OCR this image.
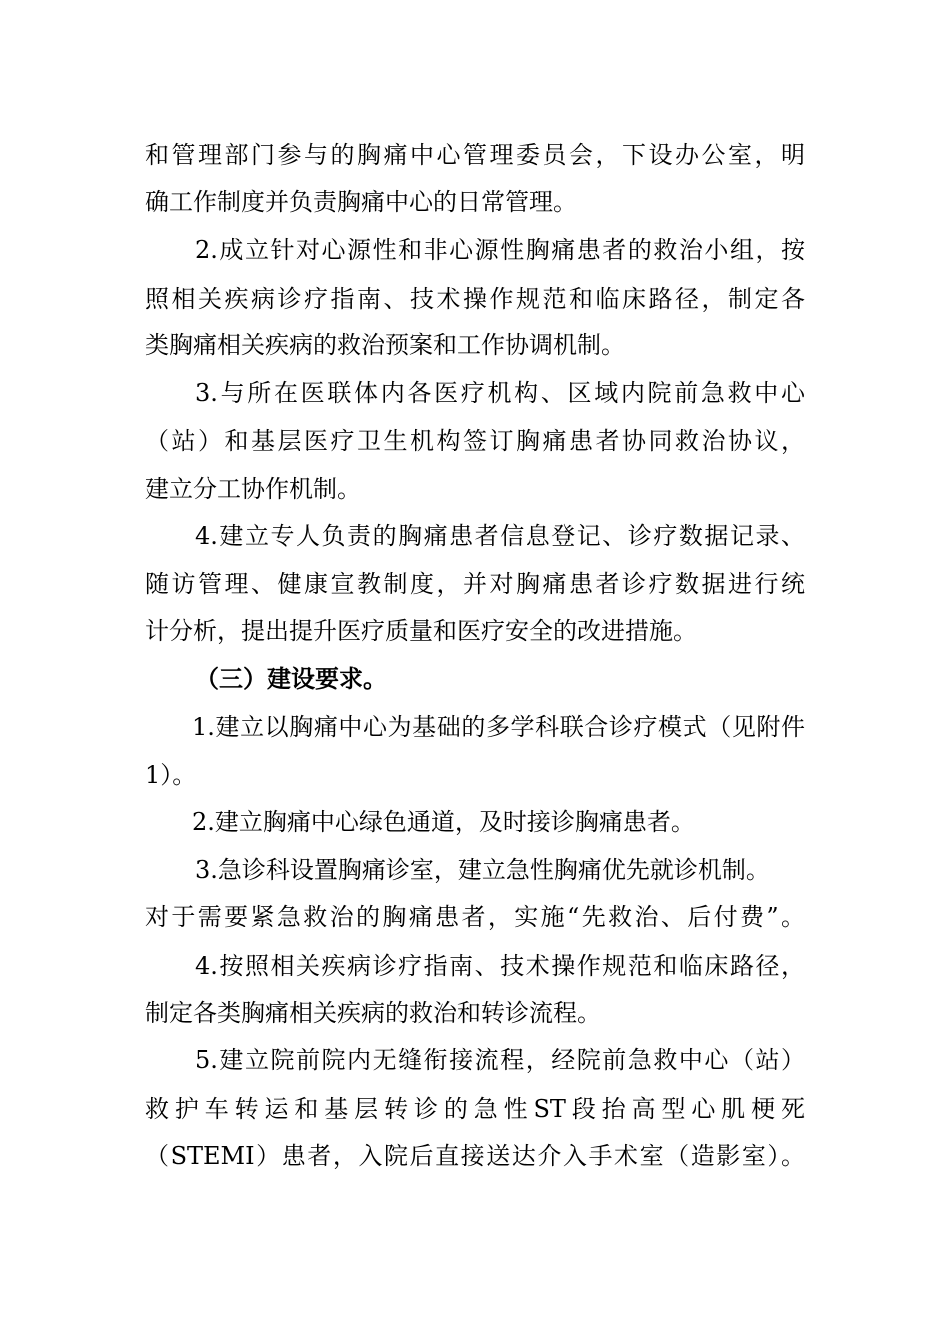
和管理部门参与的胸痛中心管理委员会，下设办公室，明
确工作制度并负责胸痛中心的日常管理。
2.成立针对心源性和非心源性胸痛患者的救治小组，按
照相关疾病诊疗指南、技术操作规范和临床路径，制定各
类胸痛相关疾病的救治预案和工作协调机制。
3.与所在医联体内各医疗机构、区域内院前急救中心
（站）和基层医疗卫生机构签订胸痛患者协同救治协议，
建立分工协作机制。
4.建立专人负责的胸痛患者信息登记、诊疗数据记录、
随访管理、健康宣教制度，并对胸痛患者诊疗数据进行统
计分析，提出提升医疗质量和医疗安全的改进措施。
（三）建设要求。
1.建立以胸痛中心为基础的多学科联合诊疗模式（见附件
1）。
2.建立胸痛中心绿色通道，及时接诊胸痛患者。
3.急诊科设置胸痛诊室，建立急性胸痛优先就诊机制。
对于需要紧急救治的胸痛患者，实施“先救治、后付费”。
4.按照相关疾病诊疗指南、技术操作规范和临床路径，
制定各类胸痛相关疾病的救治和转诊流程。
5.建立院前院内无缝衔接流程，经院前急救中心（站）
救护车转运和基层转诊的急性ST段抬高型心肌梗死
（STEMI）患者，入院后直接送达介入手术室（造影室）。
